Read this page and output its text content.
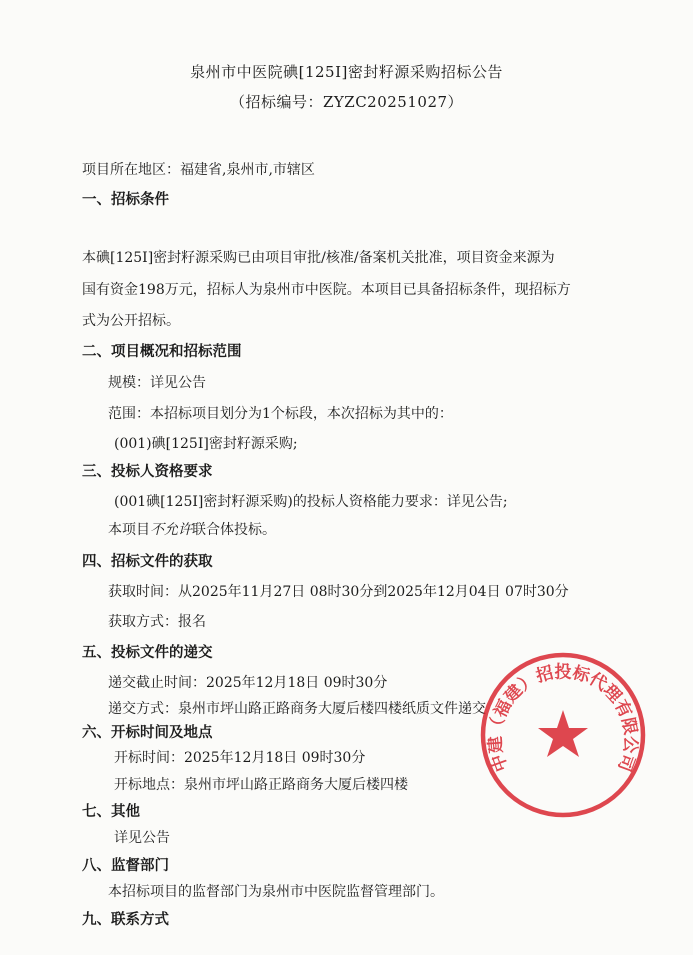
泉州市中医院碘[125I]密封籽源采购招标公告
（招标编号：ZYZC20251027）
项目所在地区：福建省,泉州市,市辖区
一、招标条件
本碘[125I]密封籽源采购已由项目审批/核准/备案机关批准，项目资金来源为
国有资金198万元，招标人为泉州市中医院。本项目已具备招标条件，现招标方
式为公开招标。
二、项目概况和招标范围
规模：详见公告
范围：本招标项目划分为1个标段，本次招标为其中的：
(001)碘[125I]密封籽源采购;
三、投标人资格要求
(001碘[125I]密封籽源采购)的投标人资格能力要求：详见公告;
本项目不允许联合体投标。
四、招标文件的获取
获取时间：从2025年11月27日 08时30分到2025年12月04日 07时30分
获取方式：报名
五、投标文件的递交
递交截止时间：2025年12月18日 09时30分
递交方式：泉州市坪山路正路商务大厦后楼四楼纸质文件递交
六、开标时间及地点
开标时间：2025年12月18日 09时30分
开标地点：泉州市坪山路正路商务大厦后楼四楼
七、其他
详见公告
八、监督部门
本招标项目的监督部门为泉州市中医院监督管理部门。
九、联系方式
中建（福建）招投标代理有限公司
